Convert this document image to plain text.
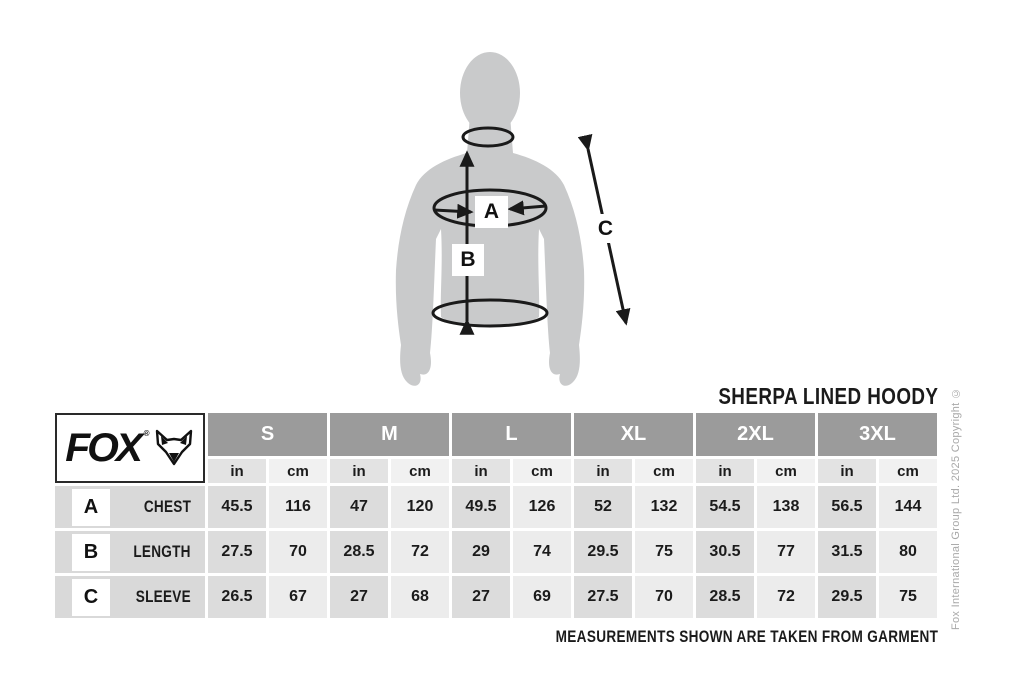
A
B
C
SHERPA LINED HOODY
FOX ®	S	M	L	XL	2XL	3XL
in	cm	in	cm	in	cm	in	cm	in	cm	in	cm
A	CHEST	45.5	116	47	120	49.5	126	52	132	54.5	138	56.5	144
B	LENGTH	27.5	70	28.5	72	29	74	29.5	75	30.5	77	31.5	80
C	SLEEVE	26.5	67	27	68	27	69	27.5	70	28.5	72	29.5	75
MEASUREMENTS SHOWN ARE TAKEN FROM GARMENT
Fox International Group Ltd. 2025 Copyright ©
